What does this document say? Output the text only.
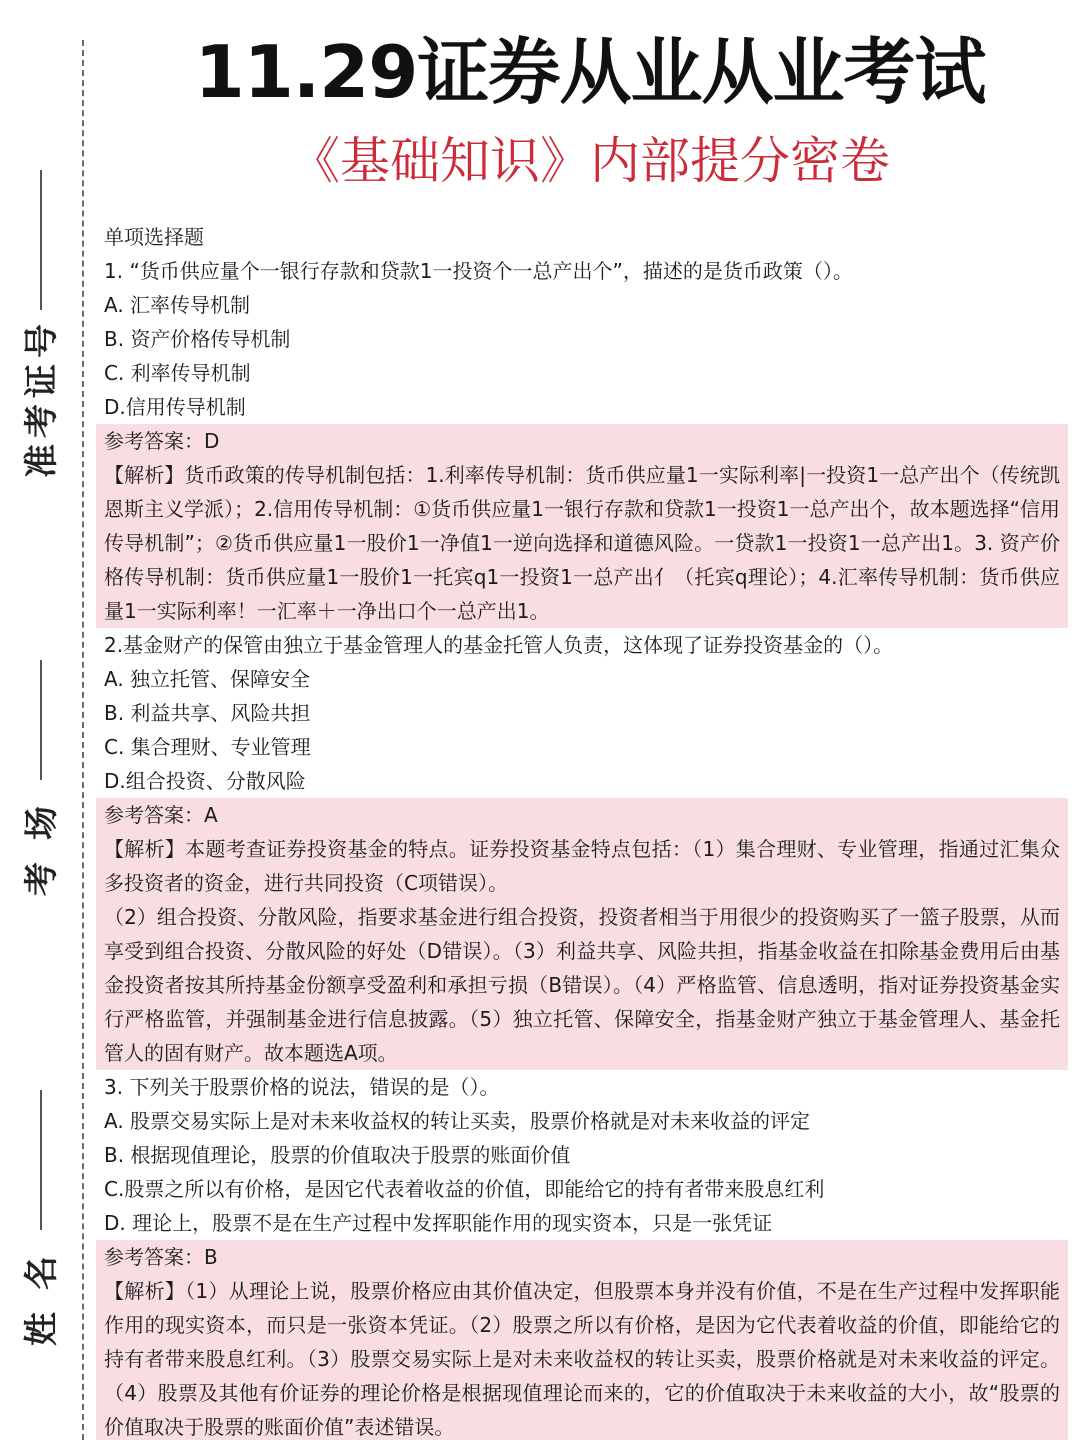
准考证号
考场
姓名
11.29证券从业从业考试
《基础知识》内部提分密卷
单项选择题
1. “货币供应量个一银行存款和贷款1一投资个一总产出个”，描述的是货币政策（）。
A. 汇率传导机制
B. 资产价格传导机制
C. 利率传导机制
D.信用传导机制
参考答案：D
【解析】货币政策的传导机制包括：1.利率传导机制：货币供应量1一实际利率|一投资1一总产出个（传统凯恩斯主义学派）；2.信用传导机制：①货币供应量1一银行存款和贷款1一投资1一总产出个，故本题选择“信用传导机制”；②货币供应量1一股价1一净值1一逆向选择和道德风险。一贷款1一投资1一总产出1。3. 资产价格传导机制：货币供应量1一股价1一托宾q1一投资1一总产出亻（托宾q理论）；4.汇率传导机制：货币供应量1一实际利率！一汇率＋一净出口个一总产出1。
2.基金财产的保管由独立于基金管理人的基金托管人负责，这体现了证券投资基金的（）。
A. 独立托管、保障安全
B. 利益共享、风险共担
C. 集合理财、专业管理
D.组合投资、分散风险
参考答案：A
【解析】本题考查证券投资基金的特点。证券投资基金特点包括：（1）集合理财、专业管理，指通过汇集众多投资者的资金，进行共同投资（C项错误）。
（2）组合投资、分散风险，指要求基金进行组合投资，投资者相当于用很少的投资购买了一篮子股票，从而享受到组合投资、分散风险的好处（D错误）。（3）利益共享、风险共担，指基金收益在扣除基金费用后由基金投资者按其所持基金份额享受盈利和承担亏损（B错误）。（4）严格监管、信息透明，指对证券投资基金实行严格监管，并强制基金进行信息披露。（5）独立托管、保障安全，指基金财产独立于基金管理人、基金托管人的固有财产。故本题选A项。
3. 下列关于股票价格的说法，错误的是（）。
A. 股票交易实际上是对未来收益权的转让买卖，股票价格就是对未来收益的评定
B. 根据现值理论，股票的价值取决于股票的账面价值
C.股票之所以有价格，是因它代表着收益的价值，即能给它的持有者带来股息红利
D. 理论上，股票不是在生产过程中发挥职能作用的现实资本，只是一张凭证
参考答案：B
【解析】（1）从理论上说，股票价格应由其价值决定，但股票本身并没有价值，不是在生产过程中发挥职能作用的现实资本，而只是一张资本凭证。（2）股票之所以有价格，是因为它代表着收益的价值，即能给它的持有者带来股息红利。（3）股票交易实际上是对未来收益权的转让买卖，股票价格就是对未来收益的评定。（4）股票及其他有价证券的理论价格是根据现值理论而来的，它的价值取决于未来收益的大小，故“股票的价值取决于股票的账面价值”表述错误。
